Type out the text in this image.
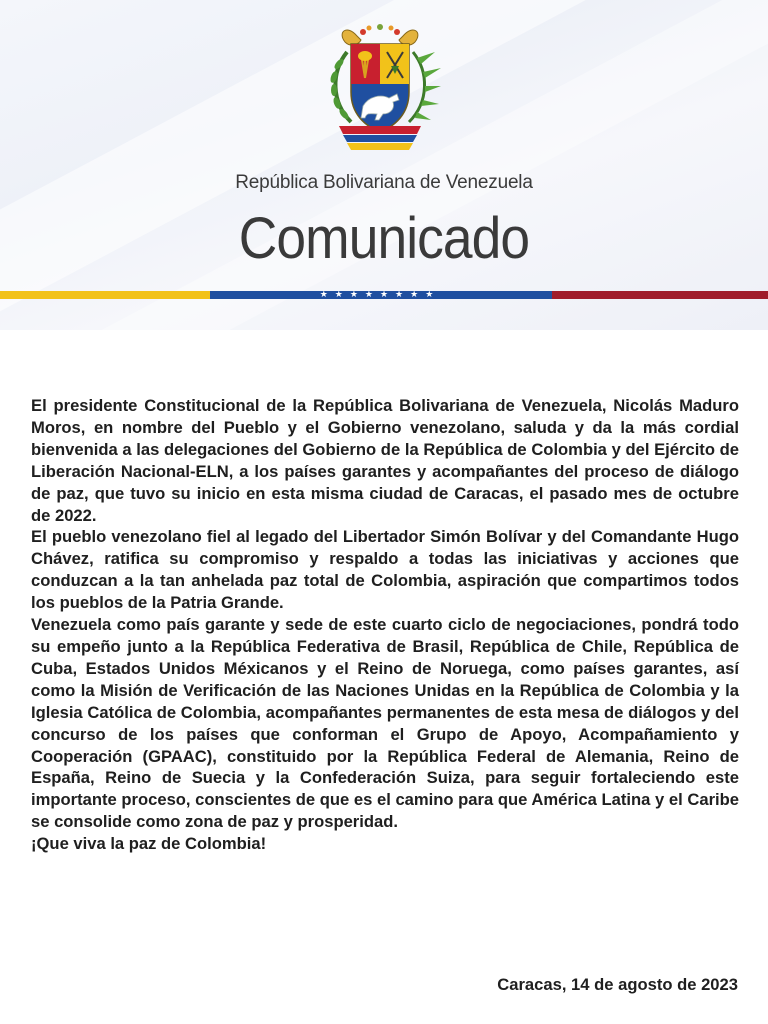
República Bolivariana de Venezuela
Comunicado
★★★★★★★★

El presidente Constitucional de la República Bolivariana de Venezuela, Nicolás Maduro Moros, en nombre del Pueblo y el Gobierno venezolano, saluda y da la más cordial bienvenida a las delegaciones del Gobierno de la República de Colombia y del Ejército de Liberación Nacional-ELN, a los países garantes y acompañantes del proceso de diálogo de paz, que tuvo su inicio en esta misma ciudad de Caracas, el pasado mes de octubre de 2022.

El pueblo venezolano fiel al legado del Libertador Simón Bolívar y del Comandante Hugo Chávez, ratifica su compromiso y respaldo a todas las iniciativas y acciones que conduzcan a la tan anhelada paz total de Colombia, aspiración que compartimos todos los pueblos de la Patria Grande.

Venezuela como país garante y sede de este cuarto ciclo de negociaciones, pondrá todo su empeño junto a la República Federativa de Brasil, República de Chile, República de Cuba, Estados Unidos Méxicanos y el Reino de Noruega, como países garantes, así como la Misión de Verificación de las Naciones Unidas en la República de Colombia y la Iglesia Católica de Colombia, acompañantes permanentes de esta mesa de diálogos y del concurso de los países que conforman el Grupo de Apoyo, Acompañamiento y Cooperación (GPAAC), constituido por la República Federal de Alemania, Reino de España, Reino de Suecia y la Confederación Suiza, para seguir fortaleciendo este importante proceso, conscientes de que es el camino para que América Latina y el Caribe se consolide como zona de paz y prosperidad.

¡Que viva la paz de Colombia!

Caracas, 14 de agosto de 2023
